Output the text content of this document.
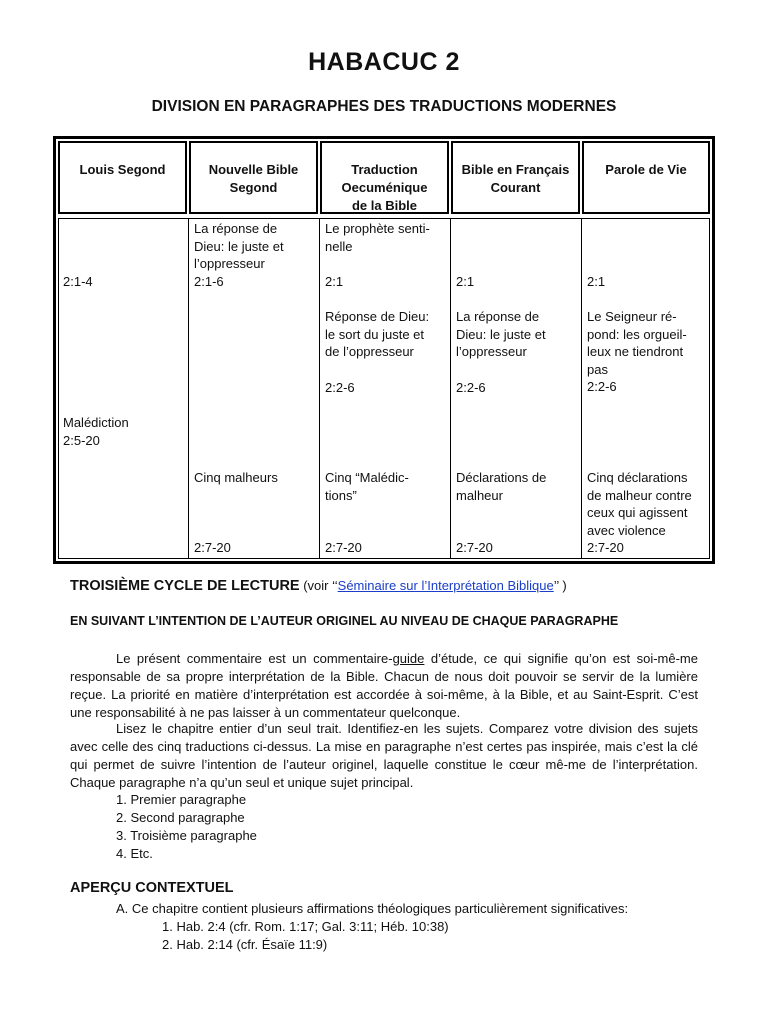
HABACUC 2
DIVISION EN PARAGRAPHES DES TRADUCTIONS MODERNES
Louis Segond	Nouvelle Bible
Segond
Traduction
Oecuménique
de la Bible
Bible en Français
Courant
Parole de Vie
2:1-4
Malédiction
2:5-20
La réponse de
Dieu: le juste et
l’oppresseur
2:1-6
Cinq malheurs
2:7-20
Le prophète senti-
nelle
2:1
Réponse de Dieu:
le sort du juste et
de l’oppresseur
2:2-6
Cinq “Malédic-
tions”
2:7-20
2:1
La réponse de
Dieu: le juste et
l’oppresseur
2:2-6
Déclarations de
malheur
2:7-20
2:1
Le Seigneur ré-
pond: les orgueil-
leux ne tiendront
pas
2:2-6
Cinq déclarations
de malheur contre
ceux qui agissent
avec violence
2:7-20
TROISIÈME CYCLE DE LECTURE (voir ‘‘Séminaire sur l’Interprétation Biblique’’ )
EN SUIVANT L’INTENTION DE L’AUTEUR ORIGINEL AU NIVEAU DE CHAQUE PARAGRAPHE
Le présent commentaire est un commentaire-guide d’étude, ce qui signifie qu’on est soi-mê-me responsable de sa propre interprétation de la Bible. Chacun de nous doit pouvoir se servir de la lumière reçue. La priorité en matière d’interprétation est accordée à soi-même, à la Bible, et au Saint-Esprit. C’est une responsabilité à ne pas laisser à un commentateur quelconque.
Lisez le chapitre entier d’un seul trait. Identifiez-en les sujets. Comparez votre division des sujets avec celle des cinq traductions ci-dessus. La mise en paragraphe n’est certes pas inspirée, mais c’est la clé qui permet de suivre l’intention de l’auteur originel, laquelle constitue le cœur mê-me de l’interprétation. Chaque paragraphe n’a qu’un seul et unique sujet principal.
1. Premier paragraphe
2. Second paragraphe
3. Troisième paragraphe
4. Etc.
APERÇU CONTEXTUEL
A. Ce chapitre contient plusieurs affirmations théologiques particulièrement significatives:
1. Hab. 2:4 (cfr. Rom. 1:17; Gal. 3:11; Héb. 10:38)
2. Hab. 2:14 (cfr. Ésaïe 11:9)
